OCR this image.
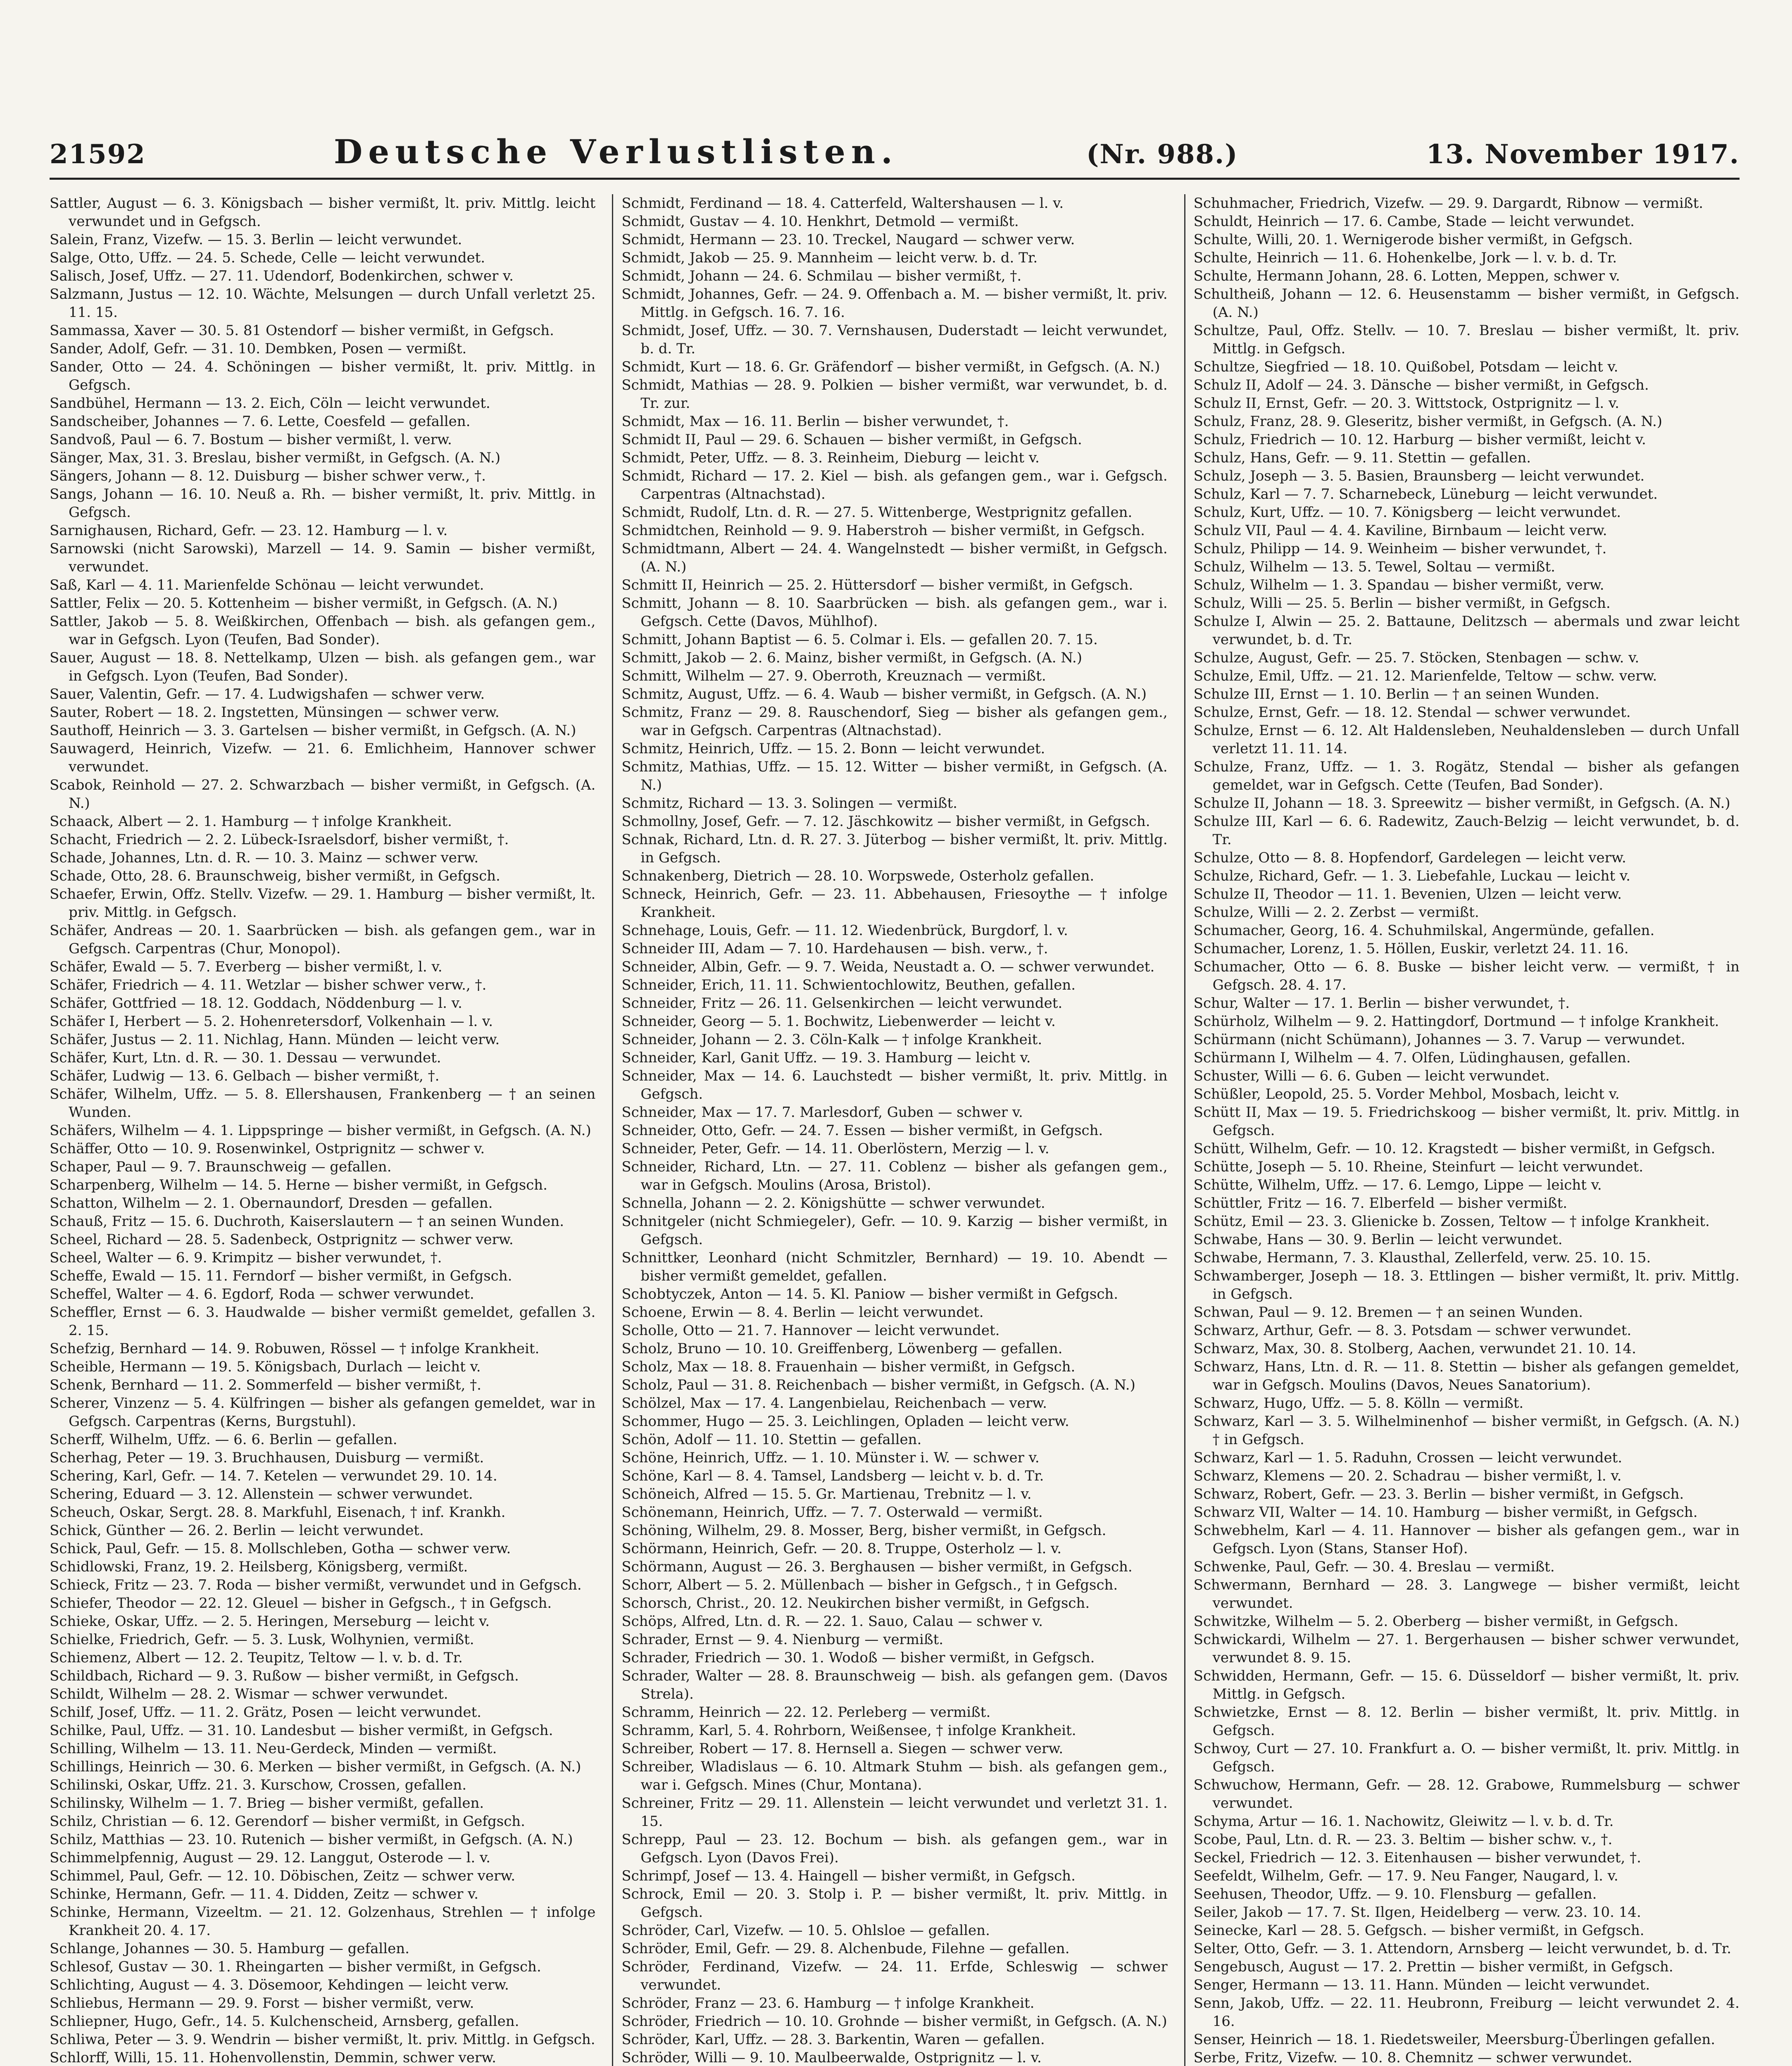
21592	Deutsche Verlustlisten.	(Nr. 988.)	13. November 1917.

Sattler, August — 6. 3. Königsbach — bisher vermißt, lt. priv. Mittlg. leicht verwundet und in Gefgsch.

Salein, Franz, Vizefw. — 15. 3. Berlin — leicht verwundet.

Salge, Otto, Uffz. — 24. 5. Schede, Celle — leicht verwundet.

Salisch, Josef, Uffz. — 27. 11. Udendorf, Bodenkirchen, schwer v.

Salzmann, Justus — 12. 10. Wächte, Melsungen — durch Unfall verletzt 25. 11. 15.

Sammassa, Xaver — 30. 5. 81 Ostendorf — bisher vermißt, in Gefgsch.

Sander, Adolf, Gefr. — 31. 10. Dembken, Posen — vermißt.

Sander, Otto — 24. 4. Schöningen — bisher vermißt, lt. priv. Mittlg. in Gefgsch.

Sandbühel, Hermann — 13. 2. Eich, Cöln — leicht verwundet.

Sandscheiber, Johannes — 7. 6. Lette, Coesfeld — gefallen.

Sandvoß, Paul — 6. 7. Bostum — bisher vermißt, l. verw.

Sänger, Max, 31. 3. Breslau, bisher vermißt, in Gefgsch. (A. N.)

Sängers, Johann — 8. 12. Duisburg — bisher schwer verw., †.

Sangs, Johann — 16. 10. Neuß a. Rh. — bisher vermißt, lt. priv. Mittlg. in Gefgsch.

Sarnighausen, Richard, Gefr. — 23. 12. Hamburg — l. v.

Sarnowski (nicht Sarowski), Marzell — 14. 9. Samin — bisher vermißt, verwundet.

Saß, Karl — 4. 11. Marienfelde Schönau — leicht verwundet.

Sattler, Felix — 20. 5. Kottenheim — bisher vermißt, in Gefgsch. (A. N.)

Sattler, Jakob — 5. 8. Weißkirchen, Offenbach — bish. als gefangen gem., war in Gefgsch. Lyon (Teufen, Bad Sonder).

Sauer, August — 18. 8. Nettelkamp, Ulzen — bish. als gefangen gem., war in Gefgsch. Lyon (Teufen, Bad Sonder).

Sauer, Valentin, Gefr. — 17. 4. Ludwigshafen — schwer verw.

Sauter, Robert — 18. 2. Ingstetten, Münsingen — schwer verw.

Sauthoff, Heinrich — 3. 3. Gartelsen — bisher vermißt, in Gefgsch. (A. N.)

Sauwagerd, Heinrich, Vizefw. — 21. 6. Emlichheim, Hannover schwer verwundet.

Scabok, Reinhold — 27. 2. Schwarzbach — bisher vermißt, in Gefgsch. (A. N.)

Schaack, Albert — 2. 1. Hamburg — † infolge Krankheit.

Schacht, Friedrich — 2. 2. Lübeck-Israelsdorf, bisher vermißt, †.

Schade, Johannes, Ltn. d. R. — 10. 3. Mainz — schwer verw.

Schade, Otto, 28. 6. Braunschweig, bisher vermißt, in Gefgsch.

Schaefer, Erwin, Offz. Stellv. Vizefw. — 29. 1. Hamburg — bisher vermißt, lt. priv. Mittlg. in Gefgsch.

Schäfer, Andreas — 20. 1. Saarbrücken — bish. als gefangen gem., war in Gefgsch. Carpentras (Chur, Monopol).

Schäfer, Ewald — 5. 7. Everberg — bisher vermißt, l. v.

Schäfer, Friedrich — 4. 11. Wetzlar — bisher schwer verw., †.

Schäfer, Gottfried — 18. 12. Goddach, Nöddenburg — l. v.

Schäfer I, Herbert — 5. 2. Hohenretersdorf, Volkenhain — l. v.

Schäfer, Justus — 2. 11. Nichlag, Hann. Münden — leicht verw.

Schäfer, Kurt, Ltn. d. R. — 30. 1. Dessau — verwundet.

Schäfer, Ludwig — 13. 6. Gelbach — bisher vermißt, †.

Schäfer, Wilhelm, Uffz. — 5. 8. Ellershausen, Frankenberg — † an seinen Wunden.

Schäfers, Wilhelm — 4. 1. Lippspringe — bisher vermißt, in Gefgsch. (A. N.)

Schäffer, Otto — 10. 9. Rosenwinkel, Ostprignitz — schwer v.

Schaper, Paul — 9. 7. Braunschweig — gefallen.

Scharpenberg, Wilhelm — 14. 5. Herne — bisher vermißt, in Gefgsch.

Schatton, Wilhelm — 2. 1. Obernaundorf, Dresden — gefallen.

Schauß, Fritz — 15. 6. Duchroth, Kaiserslautern — † an seinen Wunden.

Scheel, Richard — 28. 5. Sadenbeck, Ostprignitz — schwer verw.

Scheel, Walter — 6. 9. Krimpitz — bisher verwundet, †.

Scheffe, Ewald — 15. 11. Ferndorf — bisher vermißt, in Gefgsch.

Scheffel, Walter — 4. 6. Egdorf, Roda — schwer verwundet.

Scheffler, Ernst — 6. 3. Haudwalde — bisher vermißt gemeldet, gefallen 3. 2. 15.

Schefzig, Bernhard — 14. 9. Robuwen, Rössel — † infolge Krankheit.

Scheible, Hermann — 19. 5. Königsbach, Durlach — leicht v.

Schenk, Bernhard — 11. 2. Sommerfeld — bisher vermißt, †.

Scherer, Vinzenz — 5. 4. Külfringen — bisher als gefangen gemeldet, war in Gefgsch. Carpentras (Kerns, Burgstuhl).

Scherff, Wilhelm, Uffz. — 6. 6. Berlin — gefallen.

Scherhag, Peter — 19. 3. Bruchhausen, Duisburg — vermißt.

Schering, Karl, Gefr. — 14. 7. Ketelen — verwundet 29. 10. 14.

Schering, Eduard — 3. 12. Allenstein — schwer verwundet.

Scheuch, Oskar, Sergt. 28. 8. Markfuhl, Eisenach, † inf. Krankh.

Schick, Günther — 26. 2. Berlin — leicht verwundet.

Schick, Paul, Gefr. — 15. 8. Mollschleben, Gotha — schwer verw.

Schidlowski, Franz, 19. 2. Heilsberg, Königsberg, vermißt.

Schieck, Fritz — 23. 7. Roda — bisher vermißt, verwundet und in Gefgsch.

Schiefer, Theodor — 22. 12. Gleuel — bisher in Gefgsch., † in Gefgsch.

Schieke, Oskar, Uffz. — 2. 5. Heringen, Merseburg — leicht v.

Schielke, Friedrich, Gefr. — 5. 3. Lusk, Wolhynien, vermißt.

Schiemenz, Albert — 12. 2. Teupitz, Teltow — l. v. b. d. Tr.

Schildbach, Richard — 9. 3. Rußow — bisher vermißt, in Gefgsch.

Schildt, Wilhelm — 28. 2. Wismar — schwer verwundet.

Schilf, Josef, Uffz. — 11. 2. Grätz, Posen — leicht verwundet.

Schilke, Paul, Uffz. — 31. 10. Landesbut — bisher vermißt, in Gefgsch.

Schilling, Wilhelm — 13. 11. Neu-Gerdeck, Minden — vermißt.

Schillings, Heinrich — 30. 6. Merken — bisher vermißt, in Gefgsch. (A. N.)

Schilinski, Oskar, Uffz. 21. 3. Kurschow, Crossen, gefallen.

Schilinsky, Wilhelm — 1. 7. Brieg — bisher vermißt, gefallen.

Schilz, Christian — 6. 12. Gerendorf — bisher vermißt, in Gefgsch.

Schilz, Matthias — 23. 10. Rutenich — bisher vermißt, in Gefgsch. (A. N.)

Schimmelpfennig, August — 29. 12. Langgut, Osterode — l. v.

Schimmel, Paul, Gefr. — 12. 10. Döbischen, Zeitz — schwer verw.

Schinke, Hermann, Gefr. — 11. 4. Didden, Zeitz — schwer v.

Schinke, Hermann, Vizeeltm. — 21. 12. Golzenhaus, Strehlen — † infolge Krankheit 20. 4. 17.

Schlange, Johannes — 30. 5. Hamburg — gefallen.

Schlesof, Gustav — 30. 1. Rheingarten — bisher vermißt, in Gefgsch.

Schlichting, August — 4. 3. Dösemoor, Kehdingen — leicht verw.

Schliebus, Hermann — 29. 9. Forst — bisher vermißt, verw.

Schliepner, Hugo, Gefr., 14. 5. Kulchenscheid, Arnsberg, gefallen.

Schliwa, Peter — 3. 9. Wendrin — bisher vermißt, lt. priv. Mittlg. in Gefgsch.

Schlorff, Willi, 15. 11. Hohenvollenstin, Demmin, schwer verw.

Schmidt, Ferdinand — 18. 4. Catterfeld, Waltershausen — l. v.

Schmidt, Gustav — 4. 10. Henkhrt, Detmold — vermißt.

Schmidt, Hermann — 23. 10. Treckel, Naugard — schwer verw.

Schmidt, Jakob — 25. 9. Mannheim — leicht verw. b. d. Tr.

Schmidt, Johann — 24. 6. Schmilau — bisher vermißt, †.

Schmidt, Johannes, Gefr. — 24. 9. Offenbach a. M. — bisher vermißt, lt. priv. Mittlg. in Gefgsch. 16. 7. 16.

Schmidt, Josef, Uffz. — 30. 7. Vernshausen, Duderstadt — leicht verwundet, b. d. Tr.

Schmidt, Kurt — 18. 6. Gr. Gräfendorf — bisher vermißt, in Gefgsch. (A. N.)

Schmidt, Mathias — 28. 9. Polkien — bisher vermißt, war verwundet, b. d. Tr. zur.

Schmidt, Max — 16. 11. Berlin — bisher verwundet, †.

Schmidt II, Paul — 29. 6. Schauen — bisher vermißt, in Gefgsch.

Schmidt, Peter, Uffz. — 8. 3. Reinheim, Dieburg — leicht v.

Schmidt, Richard — 17. 2. Kiel — bish. als gefangen gem., war i. Gefgsch. Carpentras (Altnachstad).

Schmidt, Rudolf, Ltn. d. R. — 27. 5. Wittenberge, Westprignitz gefallen.

Schmidtchen, Reinhold — 9. 9. Haberstroh — bisher vermißt, in Gefgsch.

Schmidtmann, Albert — 24. 4. Wangelnstedt — bisher vermißt, in Gefgsch. (A. N.)

Schmitt II, Heinrich — 25. 2. Hüttersdorf — bisher vermißt, in Gefgsch.

Schmitt, Johann — 8. 10. Saarbrücken — bish. als gefangen gem., war i. Gefgsch. Cette (Davos, Mühlhof).

Schmitt, Johann Baptist — 6. 5. Colmar i. Els. — gefallen 20. 7. 15.

Schmitt, Jakob — 2. 6. Mainz, bisher vermißt, in Gefgsch. (A. N.)

Schmitt, Wilhelm — 27. 9. Oberroth, Kreuznach — vermißt.

Schmitz, August, Uffz. — 6. 4. Waub — bisher vermißt, in Gefgsch. (A. N.)

Schmitz, Franz — 29. 8. Rauschendorf, Sieg — bisher als gefangen gem., war in Gefgsch. Carpentras (Altnachstad).

Schmitz, Heinrich, Uffz. — 15. 2. Bonn — leicht verwundet.

Schmitz, Mathias, Uffz. — 15. 12. Witter — bisher vermißt, in Gefgsch. (A. N.)

Schmitz, Richard — 13. 3. Solingen — vermißt.

Schmollny, Josef, Gefr. — 7. 12. Jäschkowitz — bisher vermißt, in Gefgsch.

Schnak, Richard, Ltn. d. R. 27. 3. Jüterbog — bisher vermißt, lt. priv. Mittlg. in Gefgsch.

Schnakenberg, Dietrich — 28. 10. Worpswede, Osterholz gefallen.

Schneck, Heinrich, Gefr. — 23. 11. Abbehausen, Friesoythe — † infolge Krankheit.

Schnehage, Louis, Gefr. — 11. 12. Wiedenbrück, Burgdorf, l. v.

Schneider III, Adam — 7. 10. Hardehausen — bish. verw., †.

Schneider, Albin, Gefr. — 9. 7. Weida, Neustadt a. O. — schwer verwundet.

Schneider, Erich, 11. 11. Schwientochlowitz, Beuthen, gefallen.

Schneider, Fritz — 26. 11. Gelsenkirchen — leicht verwundet.

Schneider, Georg — 5. 1. Bochwitz, Liebenwerder — leicht v.

Schneider, Johann — 2. 3. Cöln-Kalk — † infolge Krankheit.

Schneider, Karl, Ganit Uffz. — 19. 3. Hamburg — leicht v.

Schneider, Max — 14. 6. Lauchstedt — bisher vermißt, lt. priv. Mittlg. in Gefgsch.

Schneider, Max — 17. 7. Marlesdorf, Guben — schwer v.

Schneider, Otto, Gefr. — 24. 7. Essen — bisher vermißt, in Gefgsch.

Schneider, Peter, Gefr. — 14. 11. Oberlöstern, Merzig — l. v.

Schneider, Richard, Ltn. — 27. 11. Coblenz — bisher als gefangen gem., war in Gefgsch. Moulins (Arosa, Bristol).

Schnella, Johann — 2. 2. Königshütte — schwer verwundet.

Schnitgeler (nicht Schmiegeler), Gefr. — 10. 9. Karzig — bisher vermißt, in Gefgsch.

Schnittker, Leonhard (nicht Schmitzler, Bernhard) — 19. 10. Abendt — bisher vermißt gemeldet, gefallen.

Schobtyczek, Anton — 14. 5. Kl. Paniow — bisher vermißt in Gefgsch.

Schoene, Erwin — 8. 4. Berlin — leicht verwundet.

Scholle, Otto — 21. 7. Hannover — leicht verwundet.

Scholz, Bruno — 10. 10. Greiffenberg, Löwenberg — gefallen.

Scholz, Max — 18. 8. Frauenhain — bisher vermißt, in Gefgsch.

Scholz, Paul — 31. 8. Reichenbach — bisher vermißt, in Gefgsch. (A. N.)

Schölzel, Max — 17. 4. Langenbielau, Reichenbach — verw.

Schommer, Hugo — 25. 3. Leichlingen, Opladen — leicht verw.

Schön, Adolf — 11. 10. Stettin — gefallen.

Schöne, Heinrich, Uffz. — 1. 10. Münster i. W. — schwer v.

Schöne, Karl — 8. 4. Tamsel, Landsberg — leicht v. b. d. Tr.

Schöneich, Alfred — 15. 5. Gr. Martienau, Trebnitz — l. v.

Schönemann, Heinrich, Uffz. — 7. 7. Osterwald — vermißt.

Schöning, Wilhelm, 29. 8. Mosser, Berg, bisher vermißt, in Gefgsch.

Schörmann, Heinrich, Gefr. — 20. 8. Truppe, Osterholz — l. v.

Schörmann, August — 26. 3. Berghausen — bisher vermißt, in Gefgsch.

Schorr, Albert — 5. 2. Müllenbach — bisher in Gefgsch., † in Gefgsch.

Schorsch, Christ., 20. 12. Neukirchen bisher vermißt, in Gefgsch.

Schöps, Alfred, Ltn. d. R. — 22. 1. Sauo, Calau — schwer v.

Schrader, Ernst — 9. 4. Nienburg — vermißt.

Schrader, Friedrich — 30. 1. Wodoß — bisher vermißt, in Gefgsch.

Schrader, Walter — 28. 8. Braunschweig — bish. als gefangen gem. (Davos Strela).

Schramm, Heinrich — 22. 12. Perleberg — vermißt.

Schramm, Karl, 5. 4. Rohrborn, Weißensee, † infolge Krankheit.

Schreiber, Robert — 17. 8. Hernsell a. Siegen — schwer verw.

Schreiber, Wladislaus — 6. 10. Altmark Stuhm — bish. als gefangen gem., war i. Gefgsch. Mines (Chur, Montana).

Schreiner, Fritz — 29. 11. Allenstein — leicht verwundet und verletzt 31. 1. 15.

Schrepp, Paul — 23. 12. Bochum — bish. als gefangen gem., war in Gefgsch. Lyon (Davos Frei).

Schrimpf, Josef — 13. 4. Haingell — bisher vermißt, in Gefgsch.

Schrock, Emil — 20. 3. Stolp i. P. — bisher vermißt, lt. priv. Mittlg. in Gefgsch.

Schröder, Carl, Vizefw. — 10. 5. Ohlsloe — gefallen.

Schröder, Emil, Gefr. — 29. 8. Alchenbude, Filehne — gefallen.

Schröder, Ferdinand, Vizefw. — 24. 11. Erfde, Schleswig — schwer verwundet.

Schröder, Franz — 23. 6. Hamburg — † infolge Krankheit.

Schröder, Friedrich — 10. 10. Grohnde — bisher vermißt, in Gefgsch. (A. N.)

Schröder, Karl, Uffz. — 28. 3. Barkentin, Waren — gefallen.

Schröder, Willi — 9. 10. Maulbeerwalde, Ostprignitz — l. v.

Schuhmacher, Friedrich, Vizefw. — 29. 9. Dargardt, Ribnow — vermißt.

Schuldt, Heinrich — 17. 6. Cambe, Stade — leicht verwundet.

Schulte, Willi, 20. 1. Wernigerode bisher vermißt, in Gefgsch.

Schulte, Heinrich — 11. 6. Hohenkelbe, Jork — l. v. b. d. Tr.

Schulte, Hermann Johann, 28. 6. Lotten, Meppen, schwer v.

Schultheiß, Johann — 12. 6. Heusenstamm — bisher vermißt, in Gefgsch. (A. N.)

Schultze, Paul, Offz. Stellv. — 10. 7. Breslau — bisher vermißt, lt. priv. Mittlg. in Gefgsch.

Schultze, Siegfried — 18. 10. Quißobel, Potsdam — leicht v.

Schulz II, Adolf — 24. 3. Dänsche — bisher vermißt, in Gefgsch.

Schulz II, Ernst, Gefr. — 20. 3. Wittstock, Ostprignitz — l. v.

Schulz, Franz, 28. 9. Gleseritz, bisher vermißt, in Gefgsch. (A. N.)

Schulz, Friedrich — 10. 12. Harburg — bisher vermißt, leicht v.

Schulz, Hans, Gefr. — 9. 11. Stettin — gefallen.

Schulz, Joseph — 3. 5. Basien, Braunsberg — leicht verwundet.

Schulz, Karl — 7. 7. Scharnebeck, Lüneburg — leicht verwundet.

Schulz, Kurt, Uffz. — 10. 7. Königsberg — leicht verwundet.

Schulz VII, Paul — 4. 4. Kaviline, Birnbaum — leicht verw.

Schulz, Philipp — 14. 9. Weinheim — bisher verwundet, †.

Schulz, Wilhelm — 13. 5. Tewel, Soltau — vermißt.

Schulz, Wilhelm — 1. 3. Spandau — bisher vermißt, verw.

Schulz, Willi — 25. 5. Berlin — bisher vermißt, in Gefgsch.

Schulze I, Alwin — 25. 2. Battaune, Delitzsch — abermals und zwar leicht verwundet, b. d. Tr.

Schulze, August, Gefr. — 25. 7. Stöcken, Stenbagen — schw. v.

Schulze, Emil, Uffz. — 21. 12. Marienfelde, Teltow — schw. verw.

Schulze III, Ernst — 1. 10. Berlin — † an seinen Wunden.

Schulze, Ernst, Gefr. — 18. 12. Stendal — schwer verwundet.

Schulze, Ernst — 6. 12. Alt Haldensleben, Neuhaldensleben — durch Unfall verletzt 11. 11. 14.

Schulze, Franz, Uffz. — 1. 3. Rogätz, Stendal — bisher als gefangen gemeldet, war in Gefgsch. Cette (Teufen, Bad Sonder).

Schulze II, Johann — 18. 3. Spreewitz — bisher vermißt, in Gefgsch. (A. N.)

Schulze III, Karl — 6. 6. Radewitz, Zauch-Belzig — leicht verwundet, b. d. Tr.

Schulze, Otto — 8. 8. Hopfendorf, Gardelegen — leicht verw.

Schulze, Richard, Gefr. — 1. 3. Liebefahle, Luckau — leicht v.

Schulze II, Theodor — 11. 1. Bevenien, Ulzen — leicht verw.

Schulze, Willi — 2. 2. Zerbst — vermißt.

Schumacher, Georg, 16. 4. Schuhmilskal, Angermünde, gefallen.

Schumacher, Lorenz, 1. 5. Höllen, Euskir, verletzt 24. 11. 16.

Schumacher, Otto — 6. 8. Buske — bisher leicht verw. — vermißt, † in Gefgsch. 28. 4. 17.

Schur, Walter — 17. 1. Berlin — bisher verwundet, †.

Schürholz, Wilhelm — 9. 2. Hattingdorf, Dortmund — † infolge Krankheit.

Schürmann (nicht Schümann), Johannes — 3. 7. Varup — verwundet.

Schürmann I, Wilhelm — 4. 7. Olfen, Lüdinghausen, gefallen.

Schuster, Willi — 6. 6. Guben — leicht verwundet.

Schüßler, Leopold, 25. 5. Vorder Mehbol, Mosbach, leicht v.

Schütt II, Max — 19. 5. Friedrichskoog — bisher vermißt, lt. priv. Mittlg. in Gefgsch.

Schütt, Wilhelm, Gefr. — 10. 12. Kragstedt — bisher vermißt, in Gefgsch.

Schütte, Joseph — 5. 10. Rheine, Steinfurt — leicht verwundet.

Schütte, Wilhelm, Uffz. — 17. 6. Lemgo, Lippe — leicht v.

Schüttler, Fritz — 16. 7. Elberfeld — bisher vermißt.

Schütz, Emil — 23. 3. Glienicke b. Zossen, Teltow — † infolge Krankheit.

Schwabe, Hans — 30. 9. Berlin — leicht verwundet.

Schwabe, Hermann, 7. 3. Klausthal, Zellerfeld, verw. 25. 10. 15.

Schwamberger, Joseph — 18. 3. Ettlingen — bisher vermißt, lt. priv. Mittlg. in Gefgsch.

Schwan, Paul — 9. 12. Bremen — † an seinen Wunden.

Schwarz, Arthur, Gefr. — 8. 3. Potsdam — schwer verwundet.

Schwarz, Max, 30. 8. Stolberg, Aachen, verwundet 21. 10. 14.

Schwarz, Hans, Ltn. d. R. — 11. 8. Stettin — bisher als gefangen gemeldet, war in Gefgsch. Moulins (Davos, Neues Sanatorium).

Schwarz, Hugo, Uffz. — 5. 8. Kölln — vermißt.

Schwarz, Karl — 3. 5. Wilhelminenhof — bisher vermißt, in Gefgsch. (A. N.) † in Gefgsch.

Schwarz, Karl — 1. 5. Raduhn, Crossen — leicht verwundet.

Schwarz, Klemens — 20. 2. Schadrau — bisher vermißt, l. v.

Schwarz, Robert, Gefr. — 23. 3. Berlin — bisher vermißt, in Gefgsch.

Schwarz VII, Walter — 14. 10. Hamburg — bisher vermißt, in Gefgsch.

Schwebhelm, Karl — 4. 11. Hannover — bisher als gefangen gem., war in Gefgsch. Lyon (Stans, Stanser Hof).

Schwenke, Paul, Gefr. — 30. 4. Breslau — vermißt.

Schwermann, Bernhard — 28. 3. Langwege — bisher vermißt, leicht verwundet.

Schwitzke, Wilhelm — 5. 2. Oberberg — bisher vermißt, in Gefgsch.

Schwickardi, Wilhelm — 27. 1. Bergerhausen — bisher schwer verwundet, verwundet 8. 9. 15.

Schwidden, Hermann, Gefr. — 15. 6. Düsseldorf — bisher vermißt, lt. priv. Mittlg. in Gefgsch.

Schwietzke, Ernst — 8. 12. Berlin — bisher vermißt, lt. priv. Mittlg. in Gefgsch.

Schwoy, Curt — 27. 10. Frankfurt a. O. — bisher vermißt, lt. priv. Mittlg. in Gefgsch.

Schwuchow, Hermann, Gefr. — 28. 12. Grabowe, Rummelsburg — schwer verwundet.

Schyma, Artur — 16. 1. Nachowitz, Gleiwitz — l. v. b. d. Tr.

Scobe, Paul, Ltn. d. R. — 23. 3. Beltim — bisher schw. v., †.

Seckel, Friedrich — 12. 3. Eitenhausen — bisher verwundet, †.

Seefeldt, Wilhelm, Gefr. — 17. 9. Neu Fanger, Naugard, l. v.

Seehusen, Theodor, Uffz. — 9. 10. Flensburg — gefallen.

Seiler, Jakob — 17. 7. St. Ilgen, Heidelberg — verw. 23. 10. 14.

Seinecke, Karl — 28. 5. Gefgsch. — bisher vermißt, in Gefgsch.

Selter, Otto, Gefr. — 3. 1. Attendorn, Arnsberg — leicht verwundet, b. d. Tr.

Sengebusch, August — 17. 2. Prettin — bisher vermißt, in Gefgsch.

Senger, Hermann — 13. 11. Hann. Münden — leicht verwundet.

Senn, Jakob, Uffz. — 22. 11. Heubronn, Freiburg — leicht verwundet 2. 4. 16.

Senser, Heinrich — 18. 1. Riedetsweiler, Meersburg-Überlingen gefallen.

Serbe, Fritz, Vizefw. — 10. 8. Chemnitz — schwer verwundet.
